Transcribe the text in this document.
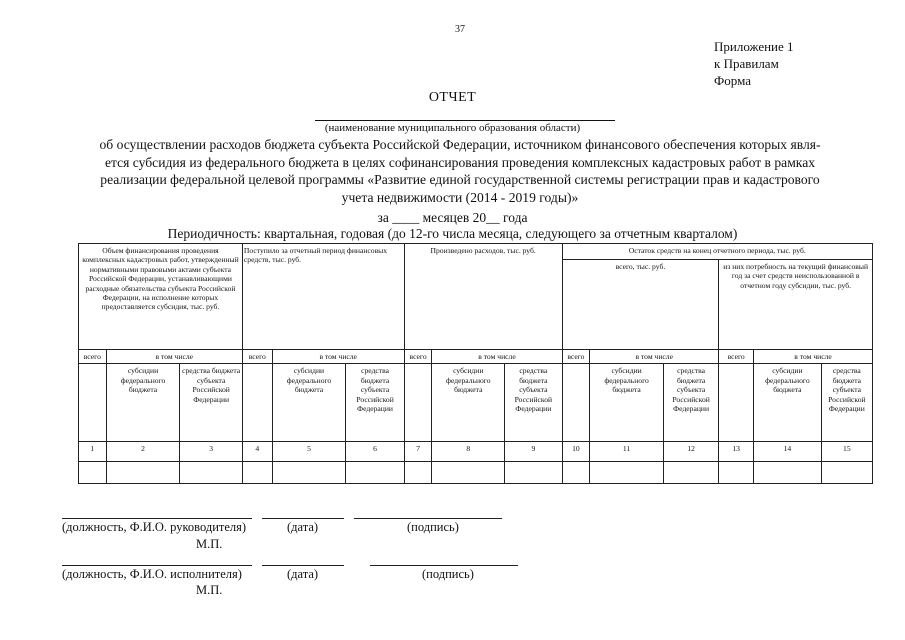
37
Приложение 1
к Правилам
Форма
ОТЧЕТ
(наименование муниципального образования области)
об осуществлении расходов бюджета субъекта Российской Федерации, источником финансового обеспечения которых явля-
ется субсидия из федерального бюджета в целях софинансирования проведения комплексных кадастровых работ в рамках
реализации федеральной целевой программы «Развитие единой государственной системы регистрации прав и кадастрового
учета недвижимости (2014 - 2019 годы)»
за ____ месяцев 20__ года
Периодичность: квартальная, годовая (до 12-го числа месяца, следующего за отчетным кварталом)
Объем финансирования проведения комплексных кадастровых работ, утвержденный нормативными правовыми актами субъекта Российской Федерации, устанавливающими расходные обязательства субъекта Российской Федерации, на исполнение которых предоставляется субсидия, тыс. руб.			Поступило за отчетный период финансовых средств, тыс. руб.			Произведено расходов, тыс. руб.			Остаток средств на конец отчетного периода, тыс. руб.					
									всего, тыс. руб.			из них потребность на текущий финансовый год за счет средств неиспользованной в отчетном году субсидии, тыс. руб.		
всего	в том числе		всего	в том числе		всего	в том числе		всего	в том числе		всего	в том числе	
	субсидии федерального бюджета	средства бюджета субъекта Российской Федерации		субсидии федерального бюджета	средства бюджета субъекта Российской Федерации		субсидии федерального бюджета	средства бюджета субъекта Российской Федерации		субсидии федерального бюджета	средства бюджета субъекта Российской Федерации		субсидии федерального бюджета	средства бюджета субъекта Российской Федерации
1	2	3	4	5	6	7	8	9	10	11	12	13	14	15

(должность, Ф.И.О. руководителя)	(дата)	(подпись)
М.П.
(должность, Ф.И.О. исполнителя)	(дата)	(подпись)
М.П.
